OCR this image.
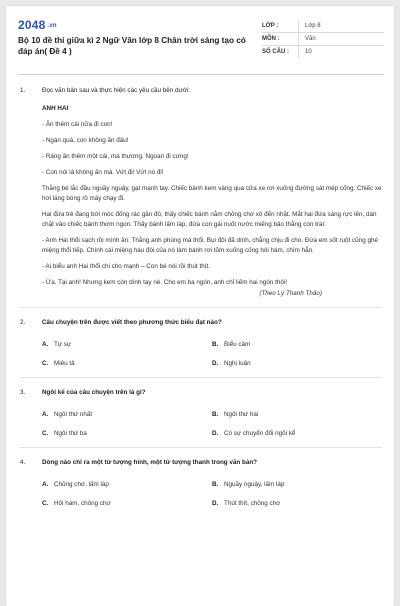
2048 .vn
Bộ 10 đề thi giữa kì 2 Ngữ Văn lớp 8 Chân trời sáng tạo có đáp án( Đề 4 )
LỚP :	Lớp 8
MÔN :	Văn
SỐ CÂU :	10
1.	Đọc văn bản sau và thực hiện các yêu cầu bên dưới:
ANH HAI

- Ăn thêm cái nữa đi con!

- Ngán quá, con không ăn đâu!

- Ráng ăn thêm một cái, má thương. Ngoan đi cưng!

- Con nói là không ăn mà. Vứt đi! Vứt nó đi!

Thằng bé lắc đầu nguầy nguậy, gạt mạnh tay. Chiếc bánh kem vàng qua cửa xe rơi xuống đường sát mép cống. Chiếc xe hơi láng bóng rồ máy chạy đi.

Hai đứa trẻ đang bới móc đống rác gần đó, thấy chiếc bánh nằm chỏng chơ xô đến nhặt. Mắt hai đứa sáng rực lên, dán chặt vào chiếc bánh thơm ngon. Thấy bánh lấm láp, đứa con gái nuốt nước miếng bảo thằng con trai:

- Anh Hai thổi sạch rồi mình ăn. Thằng anh phùng má thổi. Bụi đôi đã dính, chẳng chịu đi cho. Đứa em sốt ruột cũng ghé miệng thổi tiếp. Chính cái miệng háu đói của nó làm bánh rơi tõm xuống cống hôi hám, chìm hẳn.

- Ai biểu anh Hai thổi chi cho mạnh – Con bé nói rồi thút thít.

- Ừa. Tại anh! Nhưng kem còn dính tay nè. Cho em ba ngón, anh chỉ liếm hai ngón thôi!

(Theo Lý Thanh Thảo)
2.	Câu chuyện trên được viết theo phương thức biểu đạt nào?
A. Tự sự	B. Biểu cảm
C. Miêu tả	D. Nghị luận
3.	Ngôi kể của câu chuyện trên là gì?
A. Ngôi thứ nhất	B. Ngôi thứ hai
C. Ngôi thứ ba	D. Có sự chuyển đổi ngôi kể
4.	Dòng nào chỉ ra một từ tượng hình, một từ tượng thanh trong văn bản?
A. Chỏng chơ, lấm láp	B. Nguầy nguậy, lấm láp
C. Hôi hám, chỏng chơ	D. Thút thít, chỏng chơ
